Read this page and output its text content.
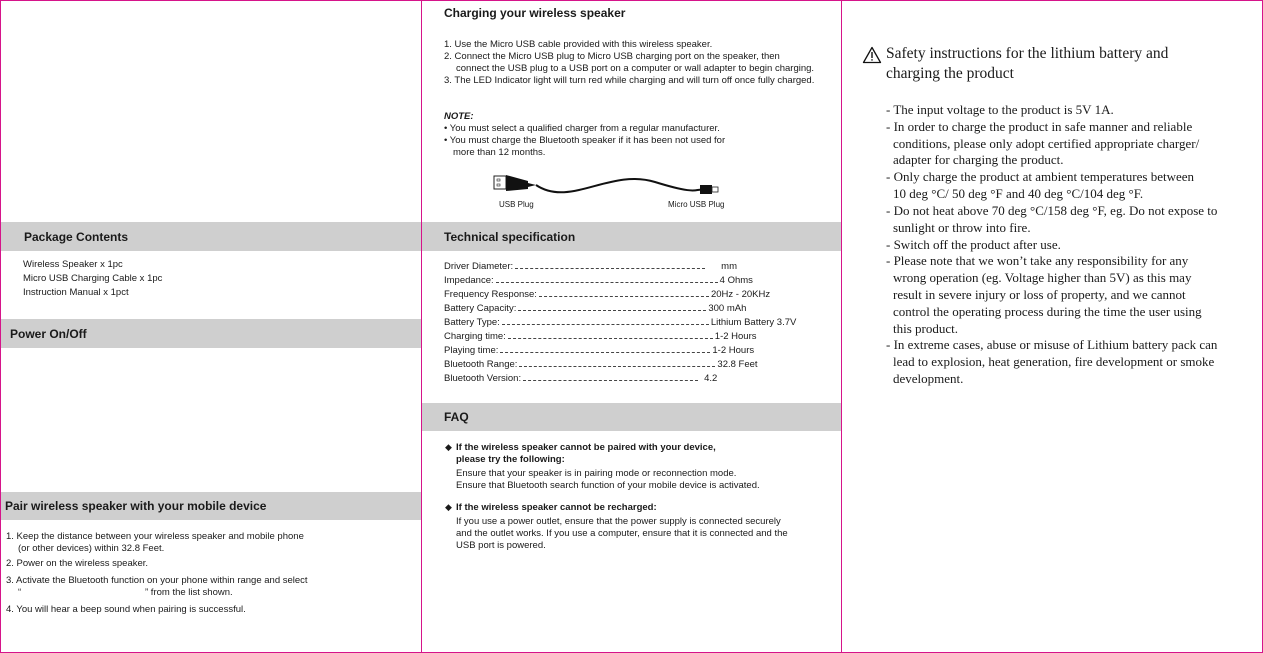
Package Contents
Wireless Speaker x 1pc
Micro USB Charging Cable x 1pc
Instruction Manual x 1pct
Power On/Off
Pair wireless speaker with your mobile device
1. Keep the distance between your wireless speaker and mobile phone
(or other devices) within 32.8 Feet.
2. Power on the wireless speaker.
3. Activate the Bluetooth function on your phone within range and select
“	” from the list shown.
4. You will hear a beep sound when pairing is successful.
Charging your wireless speaker
1. Use the Micro USB cable provided with this wireless speaker.
2. Connect the Micro USB plug to Micro USB charging port on the speaker, then
connect the USB plug to a USB port on a computer or wall adapter to begin charging.
3. The LED Indicator light will turn red while charging and will turn off once fully charged.
NOTE:
• You must select a qualified charger from a regular manufacturer.
• You must charge the Bluetooth speaker if it has been not used for
more than 12 months.
USB Plug	Micro USB Plug
Technical specification
Driver Diameter:	mm
Impedance:	4 Ohms
Frequency Response:	20Hz - 20KHz
Battery Capacity:	300 mAh
Battery Type:	Lithium Battery 3.7V
Charging time:	1-2 Hours
Playing time:	1-2 Hours
Bluetooth Range:	32.8 Feet
Bluetooth Version:	4.2
FAQ
◆ If the wireless speaker cannot be paired with your device,
please try the following:
Ensure that your speaker is in pairing mode or reconnection mode.
Ensure that Bluetooth search function of your mobile device is activated.
◆ If the wireless speaker cannot be recharged:
If you use a power outlet, ensure that the power supply is connected securely
and the outlet works. If you use a computer, ensure that it is connected and the
USB port is powered.
Safety instructions for the lithium battery and
charging the product
- The input voltage to the product is 5V 1A.
- In order to charge the product in safe manner and reliable
conditions, please only adopt certified appropriate charger/
adapter for charging the product.
- Only charge the product at ambient temperatures between
10 deg °C/ 50 deg °F and 40 deg °C/104 deg °F.
- Do not heat above 70 deg °C/158 deg °F, eg. Do not expose to
sunlight or throw into fire.
- Switch off the product after use.
- Please note that we won’t take any responsibility for any
wrong operation (eg. Voltage higher than 5V) as this may
result in severe injury or loss of property, and we cannot
control the operating process during the time the user using
this product.
- In extreme cases, abuse or misuse of Lithium battery pack can
lead to explosion, heat generation, fire development or smoke
development.
